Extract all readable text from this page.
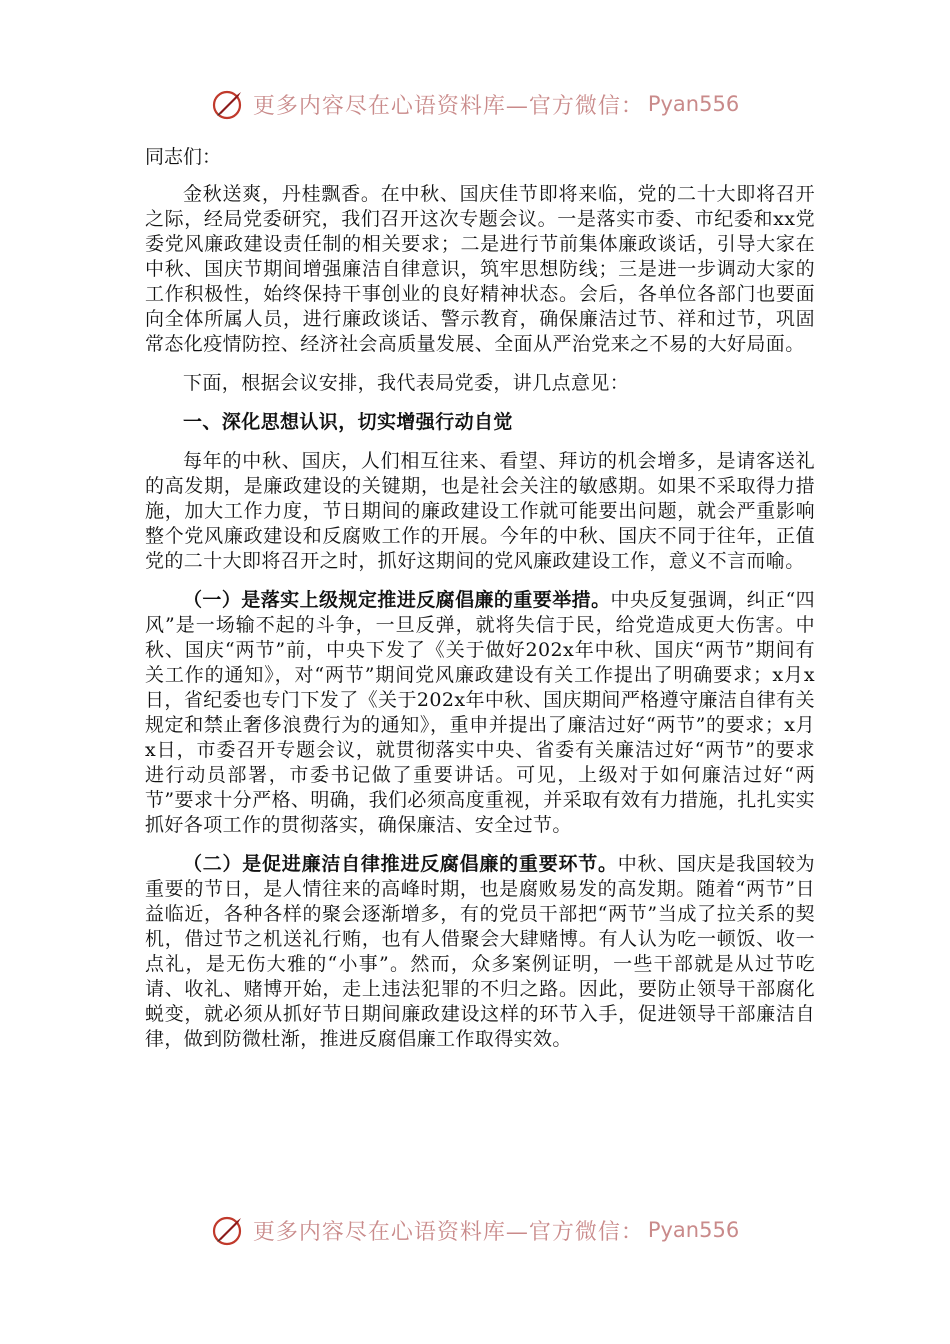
更多内容尽在心语资料库—官方微信： Pyan556
同志们：

金秋送爽，丹桂飘香。在中秋、国庆佳节即将来临，党的二十大即将召开之际，经局党委研究，我们召开这次专题会议。一是落实市委、市纪委和xx党委党风廉政建设责任制的相关要求；二是进行节前集体廉政谈话，引导大家在中秋、国庆节期间增强廉洁自律意识，筑牢思想防线；三是进一步调动大家的工作积极性，始终保持干事创业的良好精神状态。会后，各单位各部门也要面向全体所属人员，进行廉政谈话、警示教育，确保廉洁过节、祥和过节，巩固常态化疫情防控、经济社会高质量发展、全面从严治党来之不易的大好局面。

下面，根据会议安排，我代表局党委，讲几点意见：

一、深化思想认识，切实增强行动自觉

每年的中秋、国庆，人们相互往来、看望、拜访的机会增多，是请客送礼的高发期，是廉政建设的关键期，也是社会关注的敏感期。如果不采取得力措施，加大工作力度，节日期间的廉政建设工作就可能要出问题，就会严重影响整个党风廉政建设和反腐败工作的开展。今年的中秋、国庆不同于往年，正值党的二十大即将召开之时，抓好这期间的党风廉政建设工作，意义不言而喻。

（一）是落实上级规定推进反腐倡廉的重要举措。中央反复强调，纠正“四风”是一场输不起的斗争，一旦反弹，就将失信于民，给党造成更大伤害。中秋、国庆“两节”前，中央下发了《关于做好202x年中秋、国庆“两节”期间有关工作的通知》，对“两节”期间党风廉政建设有关工作提出了明确要求；x月x日，省纪委也专门下发了《关于202x年中秋、国庆期间严格遵守廉洁自律有关规定和禁止奢侈浪费行为的通知》，重申并提出了廉洁过好“两节”的要求；x月x日，市委召开专题会议，就贯彻落实中央、省委有关廉洁过好“两节”的要求进行动员部署，市委书记做了重要讲话。可见，上级对于如何廉洁过好“两节”要求十分严格、明确，我们必须高度重视，并采取有效有力措施，扎扎实实抓好各项工作的贯彻落实，确保廉洁、安全过节。

（二）是促进廉洁自律推进反腐倡廉的重要环节。中秋、国庆是我国较为重要的节日，是人情往来的高峰时期，也是腐败易发的高发期。随着“两节”日益临近，各种各样的聚会逐渐增多，有的党员干部把“两节”当成了拉关系的契机，借过节之机送礼行贿，也有人借聚会大肆赌博。有人认为吃一顿饭、收一点礼，是无伤大雅的“小事”。然而，众多案例证明，一些干部就是从过节吃请、收礼、赌博开始，走上违法犯罪的不归之路。因此，要防止领导干部腐化蜕变，就必须从抓好节日期间廉政建设这样的环节入手，促进领导干部廉洁自律，做到防微杜渐，推进反腐倡廉工作取得实效。

更多内容尽在心语资料库—官方微信： Pyan556
